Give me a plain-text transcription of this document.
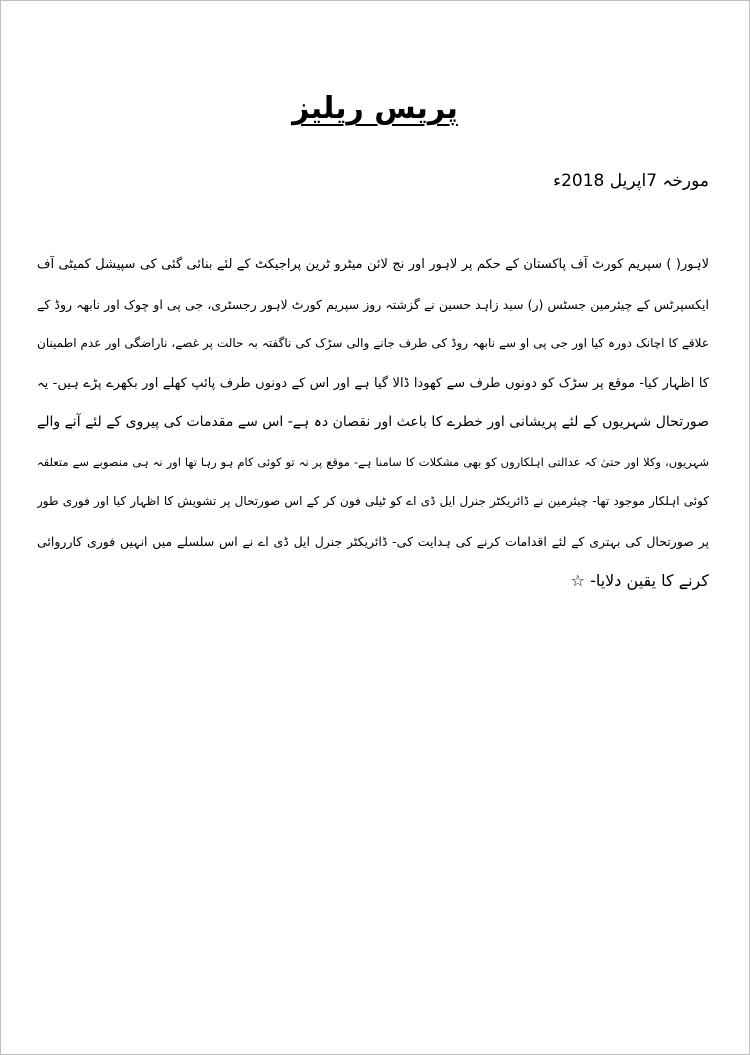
پریس ریلیز
مورخہ 7اپریل 2018ء
لاہور( ) سپریم کورٹ آف پاکستان کے حکم پر لاہور اور نج لائن میٹرو ٹرین پراجیکٹ کے لئے بنائی گئی کی سپیشل کمیٹی آف
ایکسپرٹس کے چیئرمین جسٹس (ر) سید زاہد حسین نے گزشتہ روز سپریم کورٹ لاہور رجسٹری، جی پی او چوک اور نابھہ روڈ کے
علاقے کا اچانک دورہ کیا اور جی پی او سے نابھہ روڈ کی طرف جانے والی سڑک کی ناگفتہ بہ حالت پر غصے، ناراضگی اور عدم اطمینان
کا اظہار کیا- موقع پر سڑک کو دونوں طرف سے کھودا ڈالا گیا ہے اور اس کے دونوں طرف پائپ کھلے اور بکھرے پڑے ہیں- یہ
صورتحال شہریوں کے لئے پریشانی اور خطرے کا باعث اور نقصان دہ ہے- اس سے مقدمات کی پیروی کے لئے آنے والے
شہریوں، وکلا اور حتیٰ کہ عدالتی اہلکاروں کو بھی مشکلات کا سامنا ہے- موقع پر نہ تو کوئی کام ہو رہا تھا اور نہ ہی منصوبے سے متعلقہ
کوئی اہلکار موجود تھا- چیئرمین نے ڈائریکٹر جنرل ایل ڈی اے کو ٹیلی فون کر کے اس صورتحال پر تشویش کا اظہار کیا اور فوری طور
پر صورتحال کی بہتری کے لئے اقدامات کرنے کی ہدایت کی- ڈائریکٹر جنرل ایل ڈی اے نے اس سلسلے میں انہیں فوری کارروائی
کرنے کا یقین دلایا- ☆
